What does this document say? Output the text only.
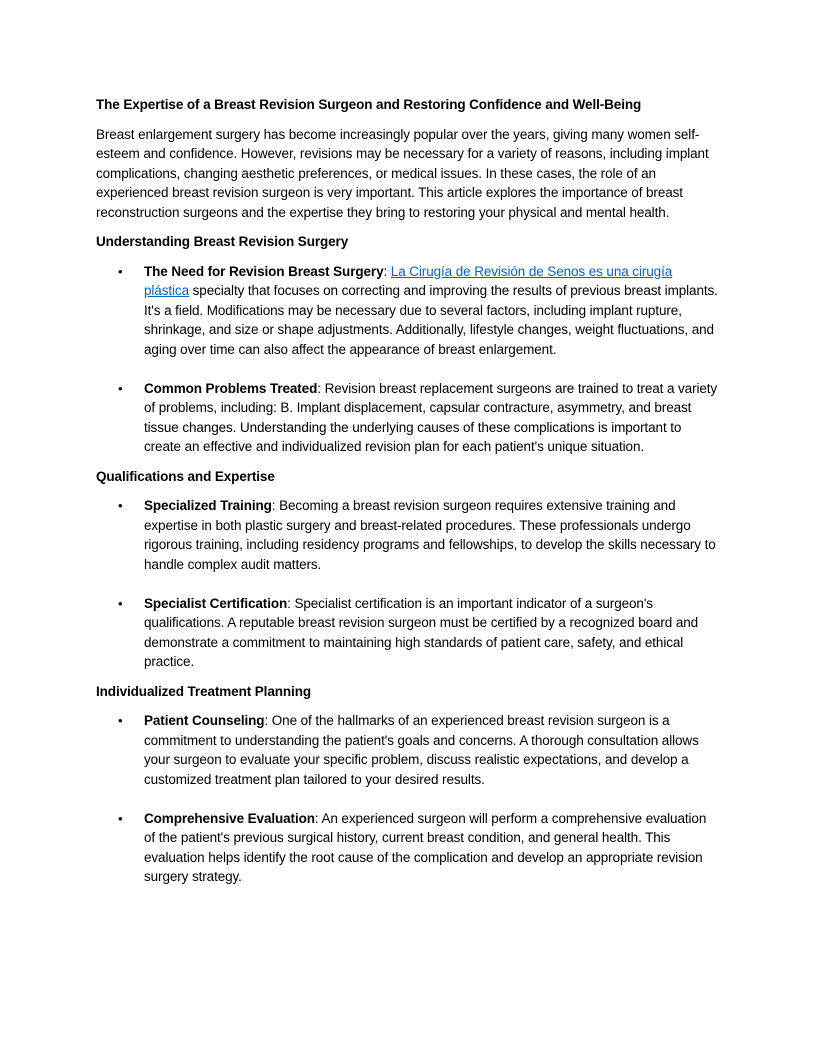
The Expertise of a Breast Revision Surgeon and Restoring Confidence and Well-Being

Breast enlargement surgery has become increasingly popular over the years, giving many women self-esteem and confidence. However, revisions may be necessary for a variety of reasons, including implant complications, changing aesthetic preferences, or medical issues. In these cases, the role of an experienced breast revision surgeon is very important. This article explores the importance of breast reconstruction surgeons and the expertise they bring to restoring your physical and mental health.

Understanding Breast Revision Surgery
• The Need for Revision Breast Surgery: La Cirugía de Revisión de Senos es una cirugía plástica specialty that focuses on correcting and improving the results of previous breast implants. It's a field. Modifications may be necessary due to several factors, including implant rupture, shrinkage, and size or shape adjustments. Additionally, lifestyle changes, weight fluctuations, and aging over time can also affect the appearance of breast enlargement.
• Common Problems Treated: Revision breast replacement surgeons are trained to treat a variety of problems, including: B. Implant displacement, capsular contracture, asymmetry, and breast tissue changes. Understanding the underlying causes of these complications is important to create an effective and individualized revision plan for each patient's unique situation.
Qualifications and Expertise
• Specialized Training: Becoming a breast revision surgeon requires extensive training and expertise in both plastic surgery and breast-related procedures. These professionals undergo rigorous training, including residency programs and fellowships, to develop the skills necessary to handle complex audit matters.
• Specialist Certification: Specialist certification is an important indicator of a surgeon's qualifications. A reputable breast revision surgeon must be certified by a recognized board and demonstrate a commitment to maintaining high standards of patient care, safety, and ethical practice.
Individualized Treatment Planning
• Patient Counseling: One of the hallmarks of an experienced breast revision surgeon is a commitment to understanding the patient's goals and concerns. A thorough consultation allows your surgeon to evaluate your specific problem, discuss realistic expectations, and develop a customized treatment plan tailored to your desired results.
• Comprehensive Evaluation: An experienced surgeon will perform a comprehensive evaluation of the patient's previous surgical history, current breast condition, and general health. This evaluation helps identify the root cause of the complication and develop an appropriate revision surgery strategy.
